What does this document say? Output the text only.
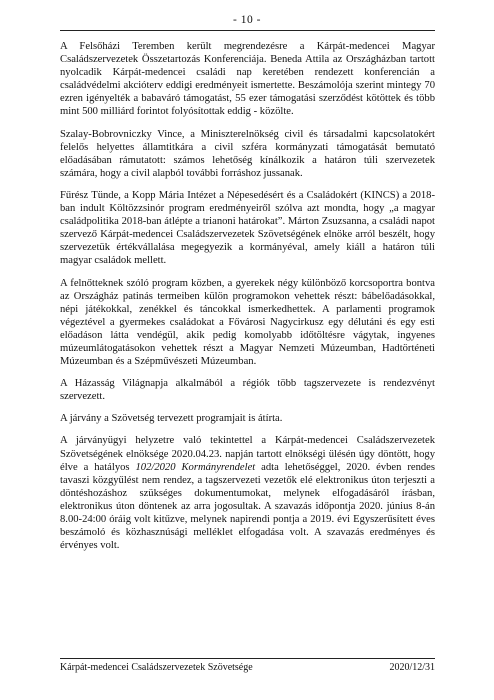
- 10 -

A Felsőházi Teremben került megrendezésre a Kárpát-medencei Magyar Családszervezetek Összetartozás Konferenciája. Beneda Attila az Országházban tartott nyolcadik Kárpát-medencei családi nap keretében rendezett konferencián a családvédelmi akcióterv eddigi eredményeit ismertette. Beszámolója szerint mintegy 70 ezren igényelték a babaváró támogatást, 55 ezer támogatási szerződést kötöttek és több mint 500 milliárd forintot folyósítottak eddig - közölte.

Szalay-Bobrovniczky Vince, a Miniszterelnökség civil és társadalmi kapcsolatokért felelős helyettes államtitkára a civil szféra kormányzati támogatását bemutató előadásában rámutatott: számos lehetőség kínálkozik a határon túli szervezetek számára, hogy a civil alapból további forráshoz jussanak.

Fűrész Tünde, a Kopp Mária Intézet a Népesedésért és a Családokért (KINCS) a 2018-ban indult Költözzsinór program eredményeiről szólva azt mondta, hogy „a magyar családpolitika 2018-ban átlépte a trianoni határokat”. Márton Zsuzsanna, a családi napot szervező Kárpát-medencei Családszervezetek Szövetségének elnöke arról beszélt, hogy szervezetük értékvállalása megegyezik a kormányéval, amely kiáll a határon túli magyar családok mellett.

A felnőtteknek szóló program közben, a gyerekek négy különböző korcsoportra bontva az Országház patinás termeiben külön programokon vehettek részt: bábelőadásokkal, népi játékokkal, zenékkel és táncokkal ismerkedhettek. A parlamenti programok végeztével a gyermekes családokat a Fővárosi Nagycirkusz egy délutáni és egy esti előadáson látta vendégül, akik pedig komolyabb időtöltésre vágytak, ingyenes múzeumlátogatásokon vehettek részt a Magyar Nemzeti Múzeumban, Hadtörténeti Múzeumban és a Szépművészeti Múzeumban.

A Házasság Világnapja alkalmából a régiók több tagszervezete is rendezvényt szervezett.

A járvány a Szövetség tervezett programjait is átírta.

A járványügyi helyzetre való tekintettel a Kárpát-medencei Családszervezetek Szövetségének elnöksége 2020.04.23. napján tartott elnökségi ülésén úgy döntött, hogy élve a hatályos 102/2020 Kormányrendelet adta lehetőséggel, 2020. évben rendes tavaszi közgyűlést nem rendez, a tagszervezeti vezetők elé elektronikus úton terjeszti a döntéshozáshoz szükséges dokumentumokat, melynek elfogadásáról írásban, elektronikus úton döntenek az arra jogosultak. A szavazás időpontja 2020. június 8-án 8.00-24:00 óráig volt kitűzve, melynek napirendi pontja a 2019. évi Egyszerűsített éves beszámoló és közhasznúsági melléklet elfogadása volt. A szavazás eredményes és érvényes volt.

Kárpát-medencei Családszervezetek Szövetsége	2020/12/31
